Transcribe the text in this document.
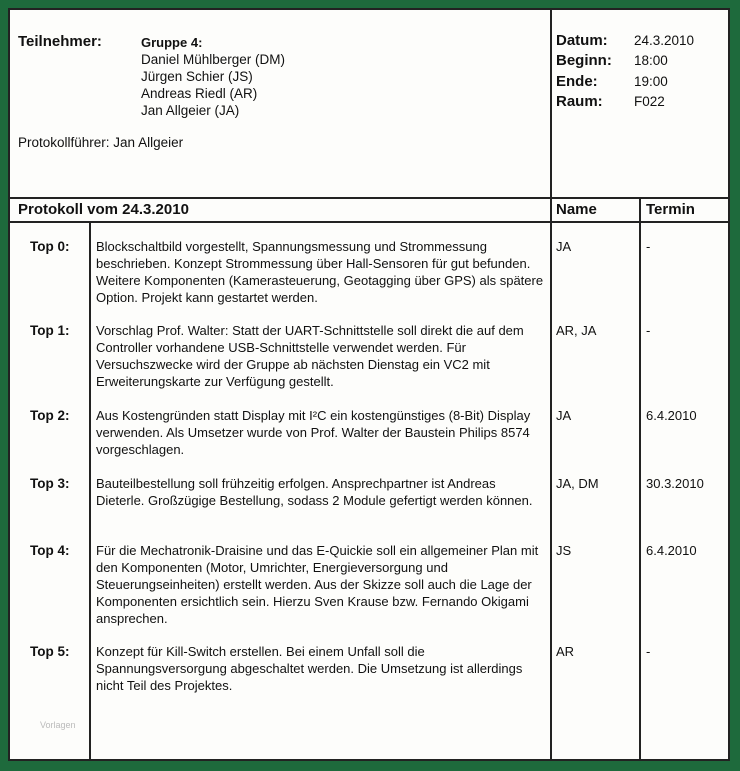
Teilnehmer:	Gruppe 4:
Daniel Mühlberger (DM)
Jürgen Schier (JS)
Andreas Riedl (AR)
Jan Allgeier (JA)
Protokollführer: Jan Allgeier
Datum: 24.3.2010
Beginn: 18:00
Ende:	19:00
Raum: F022
Protokoll vom 24.3.2010	Name	Termin
Top 0: Blockschaltbild vorgestellt, Spannungsmessung und Strommessung beschrieben. Konzept Strommessung über Hall-Sensoren für gut befunden. Weitere Komponenten (Kamerasteuerung, Geotagging über GPS) als spätere Option. Projekt kann gestartet werden.
JA	-
Top 1: Vorschlag Prof. Walter: Statt der UART-Schnittstelle soll direkt die auf dem Controller vorhandene USB-Schnittstelle verwendet werden. Für Versuchszwecke wird der Gruppe ab nächsten Dienstag ein VC2 mit Erweiterungskarte zur Verfügung gestellt.
AR, JA	-
Top 2: Aus Kostengründen statt Display mit I²C ein kostengünstiges (8-Bit) Display verwenden. Als Umsetzer wurde von Prof. Walter der Baustein Philips 8574 vorgeschlagen.
JA	6.4.2010
Top 3: Bauteilbestellung soll frühzeitig erfolgen. Ansprechpartner ist Andreas Dieterle. Großzügige Bestellung, sodass 2 Module gefertigt werden können.
JA, DM	30.3.2010
Top 4: Für die Mechatronik-Draisine und das E-Quickie soll ein allgemeiner Plan mit den Komponenten (Motor, Umrichter, Energieversorgung und Steuerungseinheiten) erstellt werden. Aus der Skizze soll auch die Lage der Komponenten ersichtlich sein. Hierzu Sven Krause bzw. Fernando Okigami ansprechen.
JS	6.4.2010
Top 5: Konzept für Kill-Switch erstellen. Bei einem Unfall soll die Spannungsversorgung abgeschaltet werden. Die Umsetzung ist allerdings nicht Teil des Projektes.
AR	-
Vorlagen
